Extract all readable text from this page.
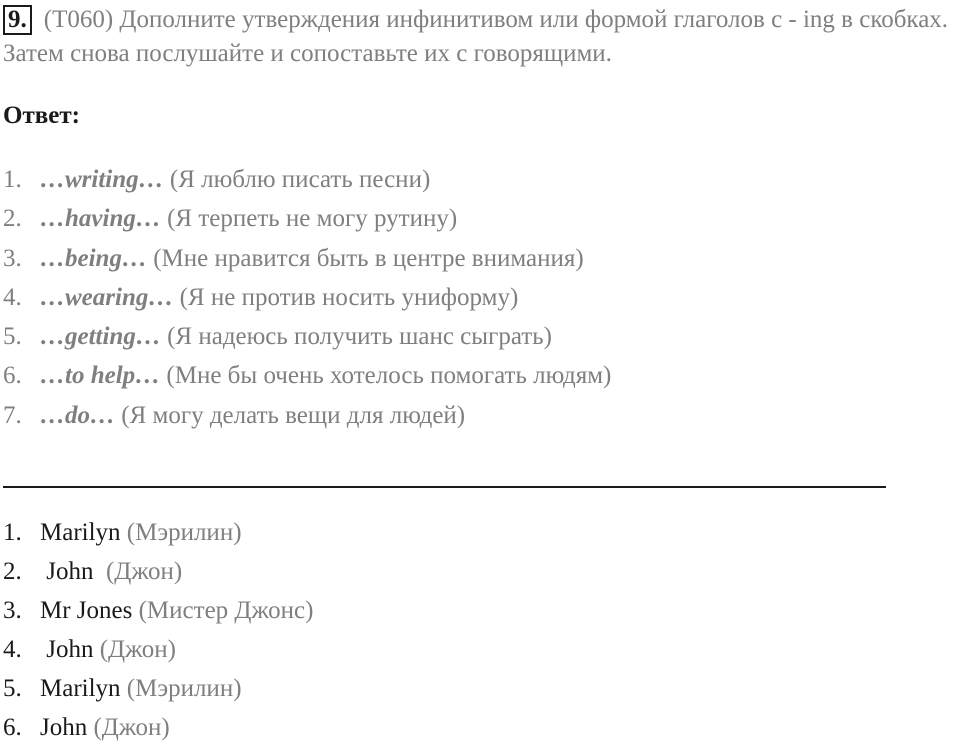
9. (T060) Дополните утверждения инфинитивом или формой глаголов с - ing в скобках. Затем снова послушайте и сопоставьте их с говорящими.
Ответ:
1. …writing… (Я люблю писать песни)
2. …having… (Я терпеть не могу рутину)
3. …being… (Мне нравится быть в центре внимания)
4. …wearing… (Я не против носить униформу)
5. …getting… (Я надеюсь получить шанс сыграть)
6. …to help… (Мне бы очень хотелось помогать людям)
7. …do… (Я могу делать вещи для людей)
1. Marilyn (Мэрилин)
2. John  (Джон)
3. Mr Jones (Мистер Джонс)
4. John (Джон)
5. Marilyn (Мэрилин)
6. John (Джон)
